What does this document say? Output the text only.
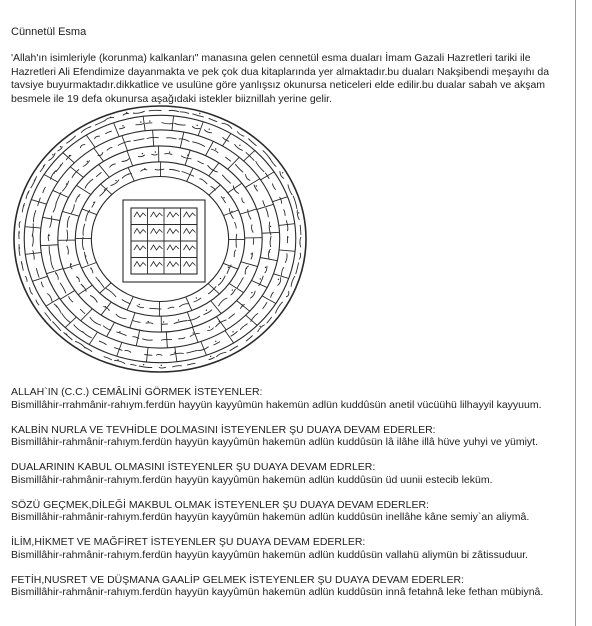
Cünnetül Esma
'Allah'ın isimleriyle (korunma) kalkanları" manasına gelen cennetül esma duaları İmam Gazali Hazretleri tariki ile Hazretleri Ali Efendimize dayanmakta ve pek çok dua kitaplarında yer almaktadır.bu duaları Nakşibendi meşayıhı da tavsiye buyurmaktadır.dikkatlice ve usulüne göre yanlışsız okunursa neticeleri elde edilir.bu dualar sabah ve akşam besmele ile 19 defa okunursa aşağıdaki istekler biiznillah yerine gelir.
ALLAH`IN (C.C.) CEMÂLİNİ GÖRMEK İSTEYENLER:
Bismillâhir-rrahmânir-rahıym.ferdün hayyün kayyûmün hakemün adlün kuddûsün anetil vücüühü lilhayyil kayyuum.
KALBİN NURLA VE TEVHİDLE DOLMASINI İSTEYENLER ŞU DUAYA DEVAM EDERLER:
Bismillâhir-rahmânir-rahıym.ferdün hayyün kayyûmün hakemün adlün kuddûsün lâ ilâhe illâ hüve yuhyi ve yümiyt.
DUALARININ KABUL OLMASINI İSTEYENLER ŞU DUAYA DEVAM EDRLER:
Bismillâhir-rahmânir-rahıym.ferdün hayyün kayyûmün hakemün adlün kuddûsün üd uunii estecib leküm.
SÖZÜ GEÇMEK,DİLEĞİ MAKBUL OLMAK İSTEYENLER ŞU DUAYA DEVAM EDERLER:
Bismillâhir-rahmânir-rahıym.ferdün hayyün kayyûmün hakemün adlün kuddûsün inellâhe kâne semiy`an aliymâ.
İLİM,HİKMET VE MAĞFİRET İSTEYENLER ŞU DUAYA DEVAM EDERLER:
Bismillâhir-rahmânir-rahıym.ferdün hayyün kayyûmün hakemün adlün kuddûsün vallahü aliymün bi zâtissuduur.
FETİH,NUSRET VE DÜŞMANA GAALİP GELMEK İSTEYENLER ŞU DUAYA DEVAM EDERLER:
Bismillâhir-rahmânir-rahıym.ferdün hayyün kayyûmün hakemün adlün kuddûsün innâ fetahnâ leke fethan mübiynâ.
